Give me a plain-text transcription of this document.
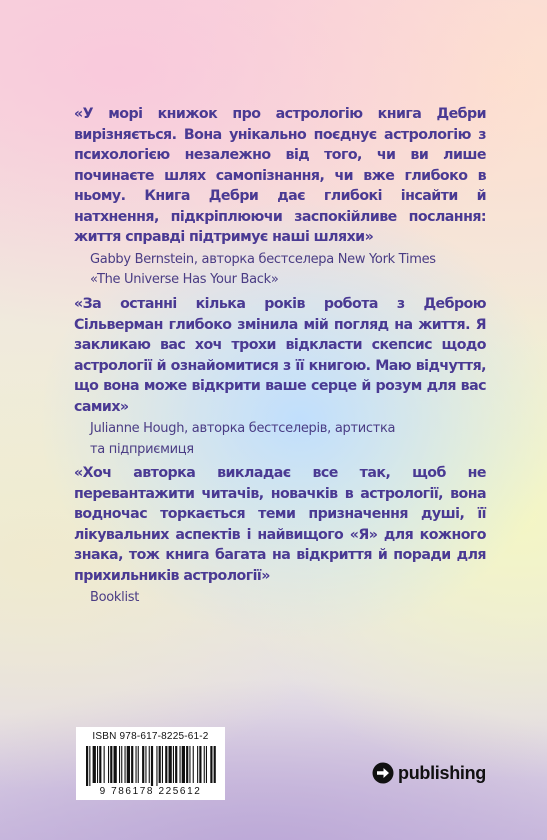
«У морі книжок про астрологію книга Дебри вирізняється. Вона унікально поєднує астрологію з психологією незалежно від того, чи ви лише починаєте шлях самопізнання, чи вже глибоко в ньому. Книга Дебри дає глибокі інсайти й натхнення, підкріплюючи заспокійливе послання: життя справді підтримує наші шляхи»

Gabby Bernstein, авторка бестселера New York Times
«The Universe Has Your Back»

«За останні кілька років робота з Деброю Сільверман глибоко змінила мій погляд на життя. Я закликаю вас хоч трохи відкласти скепсис щодо астрології й ознайомитися з її книгою. Маю відчуття, що вона може відкрити ваше серце й розум для вас самих»

Julianne Hough, авторка бестселерів, артистка
та підприємиця

«Хоч авторка викладає все так, щоб не перевантажити читачів, новачків в астрології, вона водночас торкається теми призначення душі, її лікувальних аспектів і найвищого «Я» для кожного знака, тож книга багата на відкриття й поради для прихильників астрології»

Booklist
ISBN 978-617-8225-61-2
9 786178 225612
publishing
